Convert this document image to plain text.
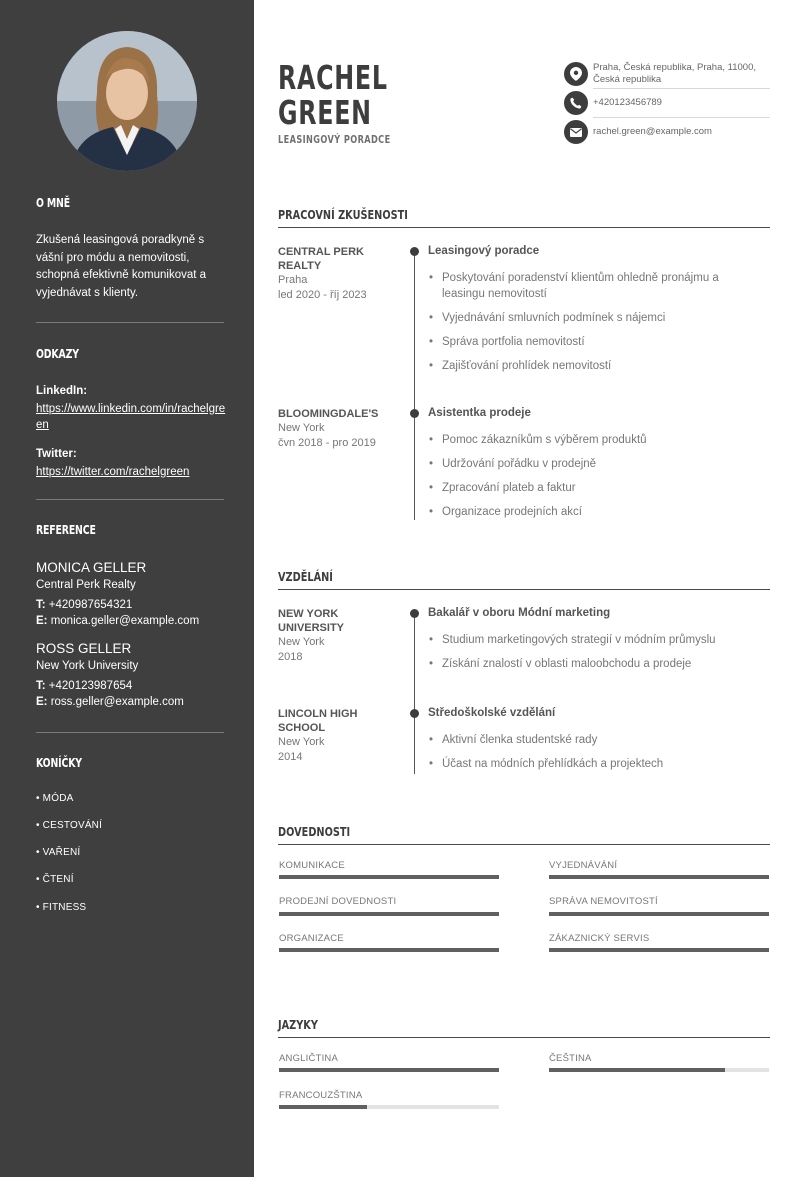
O MNĚ
Zkušená leasingová poradkyně s vášní pro módu a nemovitosti, schopná efektivně komunikovat a vyjednávat s klienty.
ODKAZY
LinkedIn:
https://www.linkedin.com/in/rachelgreen
Twitter:
https://twitter.com/rachelgreen
REFERENCE
MONICA GELLER
Central Perk Realty
T: +420987654321
E: monica.geller@example.com
ROSS GELLER
New York University
T: +420123987654
E: ross.geller@example.com
KONÍČKY
• MÓDA
• CESTOVÁNÍ
• VAŘENÍ
• ČTENÍ
• FITNESS
RACHEL
GREEN
LEASINGOVÝ PORADCE
Praha, Česká republika, Praha, 11000, Česká republika
+420123456789
rachel.green@example.com
PRACOVNÍ ZKUŠENOSTI
CENTRAL PERK REALTY
Praha
led 2020 - říj 2023
Leasingový poradce
• Poskytování poradenství klientům ohledně pronájmu a leasingu nemovitostí
• Vyjednávání smluvních podmínek s nájemci
• Správa portfolia nemovitostí
• Zajišťování prohlídek nemovitostí
BLOOMINGDALE'S
New York
čvn 2018 - pro 2019
Asistentka prodeje
• Pomoc zákazníkům s výběrem produktů
• Udržování pořádku v prodejně
• Zpracování plateb a faktur
• Organizace prodejních akcí
VZDĚLÁNÍ
NEW YORK UNIVERSITY
New York
2018
Bakalář v oboru Módní marketing
• Studium marketingových strategií v módním průmyslu
• Získání znalostí v oblasti maloobchodu a prodeje
LINCOLN HIGH SCHOOL
New York
2014
Středoškolské vzdělání
• Aktivní členka studentské rady
• Účast na módních přehlídkách a projektech
DOVEDNOSTI
KOMUNIKACE	VYJEDNÁVÁNÍ
PRODEJNÍ DOVEDNOSTI	SPRÁVA NEMOVITOSTÍ
ORGANIZACE	ZÁKAZNICKÝ SERVIS
JAZYKY
ANGLIČTINA	ČEŠTINA
FRANCOUZŠTINA
